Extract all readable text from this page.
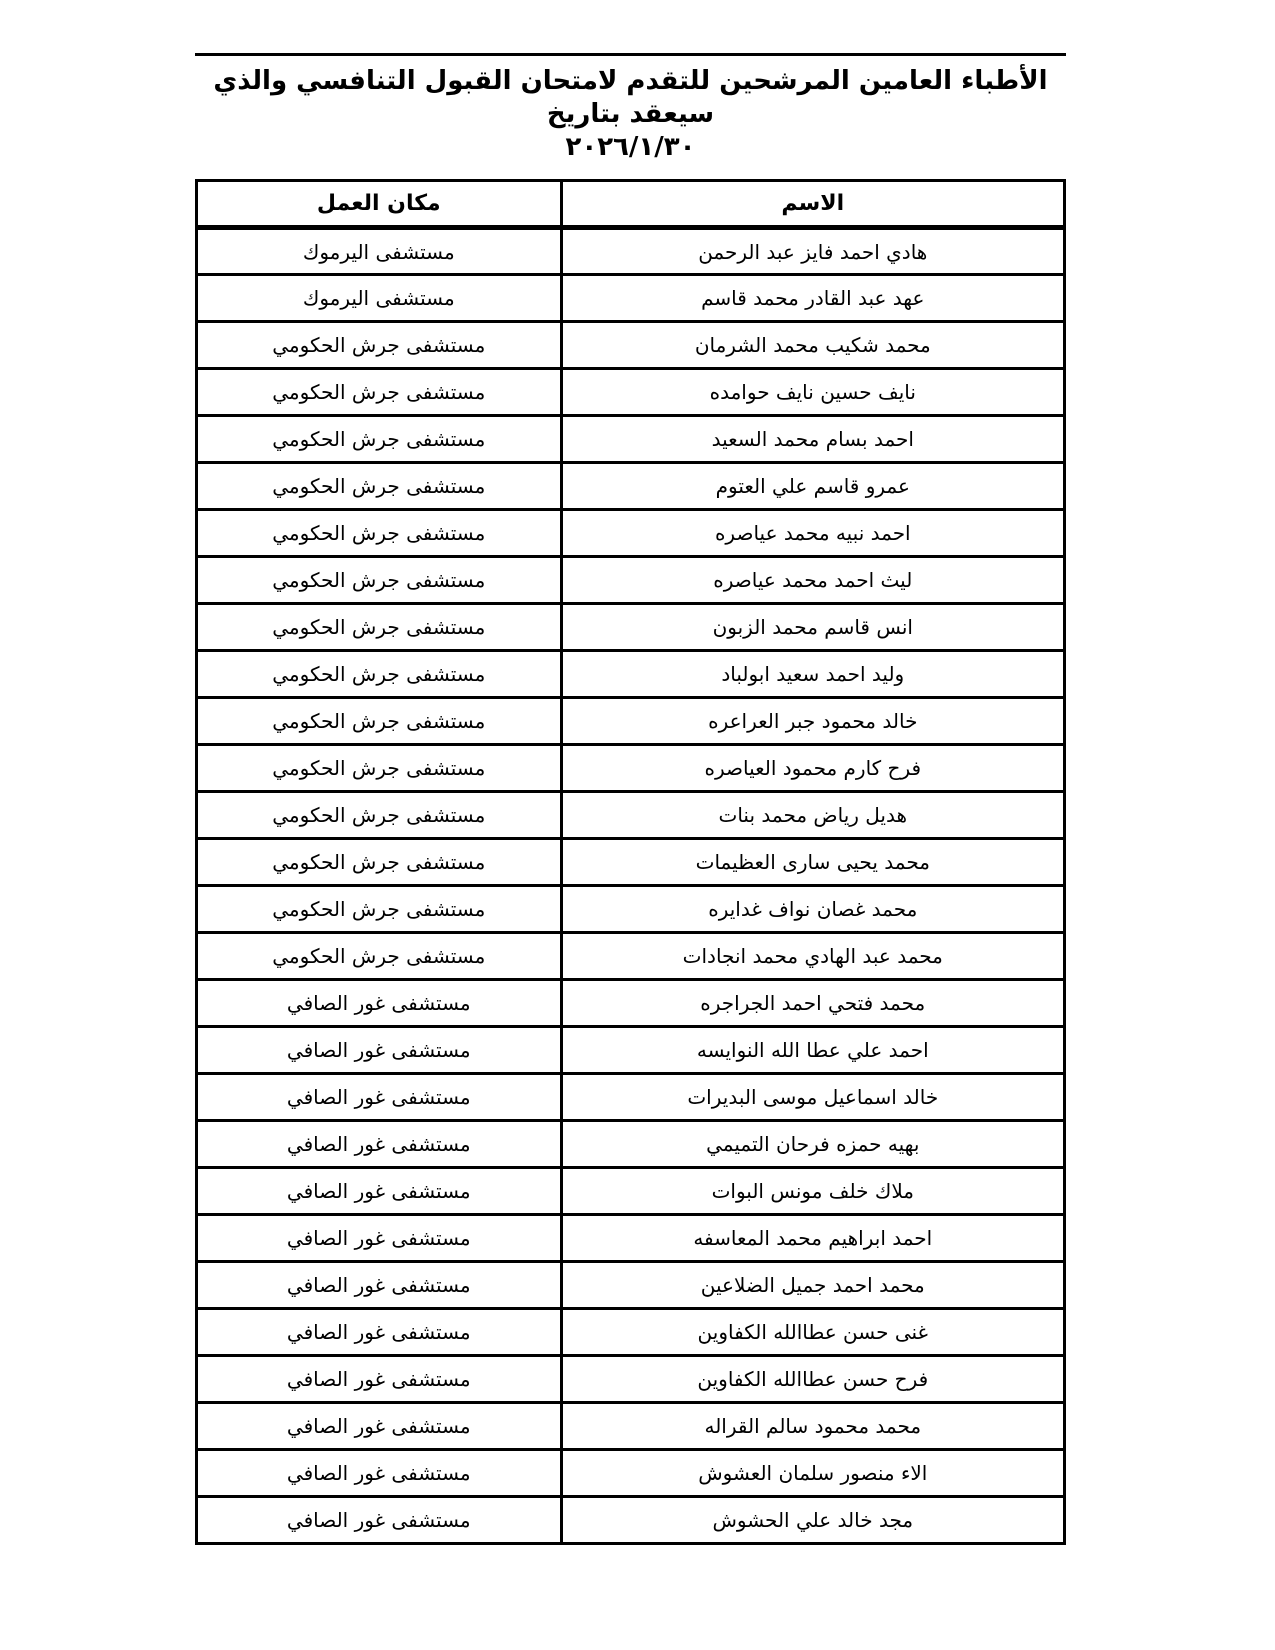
الأطباء العامين المرشحين للتقدم لامتحان القبول التنافسي والذي سيعقد بتاريخ
٢٠٢٦/١/٣٠
الاسم	مكان العمل
هادي احمد فايز عبد الرحمن	مستشفى اليرموك
عهد عبد القادر محمد قاسم	مستشفى اليرموك
محمد شكيب محمد الشرمان	مستشفى جرش الحكومي
نايف حسين نايف حوامده	مستشفى جرش الحكومي
احمد بسام محمد السعيد	مستشفى جرش الحكومي
عمرو قاسم علي العتوم	مستشفى جرش الحكومي
احمد نبيه محمد عياصره	مستشفى جرش الحكومي
ليث احمد محمد عياصره	مستشفى جرش الحكومي
انس قاسم محمد الزبون	مستشفى جرش الحكومي
وليد احمد سعيد ابولباد	مستشفى جرش الحكومي
خالد محمود جبر العراعره	مستشفى جرش الحكومي
فرح كارم محمود العياصره	مستشفى جرش الحكومي
هديل رياض محمد بنات	مستشفى جرش الحكومي
محمد يحيى سارى العظيمات	مستشفى جرش الحكومي
محمد غصان نواف غدايره	مستشفى جرش الحكومي
محمد عبد الهادي محمد انجادات	مستشفى جرش الحكومي
محمد فتحي احمد الجراجره	مستشفى غور الصافي
احمد علي عطا الله النوايسه	مستشفى غور الصافي
خالد اسماعيل موسى البديرات	مستشفى غور الصافي
بهيه حمزه فرحان التميمي	مستشفى غور الصافي
ملاك خلف مونس البوات	مستشفى غور الصافي
احمد ابراهيم محمد المعاسفه	مستشفى غور الصافي
محمد احمد جميل الضلاعين	مستشفى غور الصافي
غنى حسن عطاالله الكفاوين	مستشفى غور الصافي
فرح حسن عطاالله الكفاوين	مستشفى غور الصافي
محمد محمود سالم القراله	مستشفى غور الصافي
الاء منصور سلمان العشوش	مستشفى غور الصافي
مجد خالد علي الحشوش	مستشفى غور الصافي
